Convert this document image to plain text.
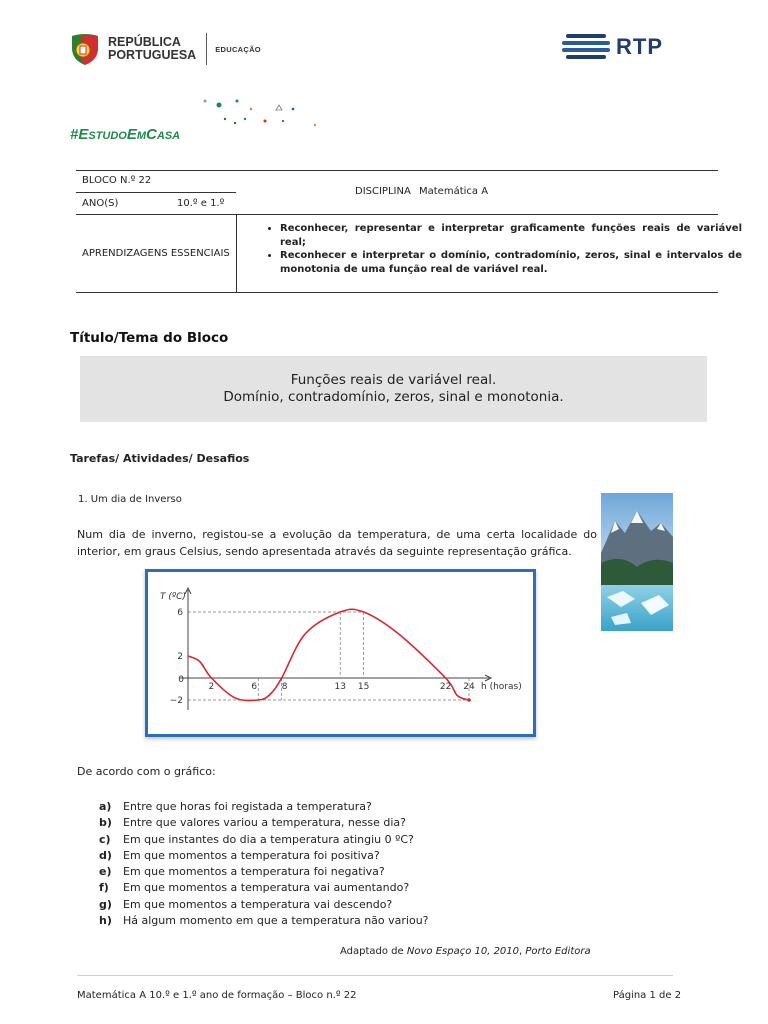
REPÚBLICA
PORTUGUESA	EDUCAÇÃO	RTP
#ESTUDOEMCASA
BLOCO N.º 22
DISCIPLINA Matemática A
ANO(S)	10.º e 1.º
APRENDIZAGENS ESSENCIAIS
• Reconhecer, representar e interpretar graficamente funções reais de variável real;
• Reconhecer e interpretar o domínio, contradomínio, zeros, sinal e intervalos de monotonia de uma função real de variável real.
Título/Tema do Bloco
Funções reais de variável real.
Domínio, contradomínio, zeros, sinal e monotonia.
Tarefas/ Atividades/ Desafios
1. Um dia de Inverso
Num dia de inverno, registou-se a evolução da temperatura, de uma certa localidade do interior, em graus Celsius, sendo apresentada através da seguinte representação gráfica.
0
2	6	8	13 15	22 24
6
2
−2
T (ºC)
h (horas)
De acordo com o gráfico:
a)	Entre que horas foi registada a temperatura?
b)	Entre que valores variou a temperatura, nesse dia?
c)	Em que instantes do dia a temperatura atingiu 0 ºC?
d)	Em que momentos a temperatura foi positiva?
e)	Em que momentos a temperatura foi negativa?
f)	Em que momentos a temperatura vai aumentando?
g)	Em que momentos a temperatura vai descendo?
h)	Há algum momento em que a temperatura não variou?
Adaptado de Novo Espaço 10, 2010, Porto Editora
Matemática A 10.º e 1.º ano de formação – Bloco n.º 22	Página 1 de 2
